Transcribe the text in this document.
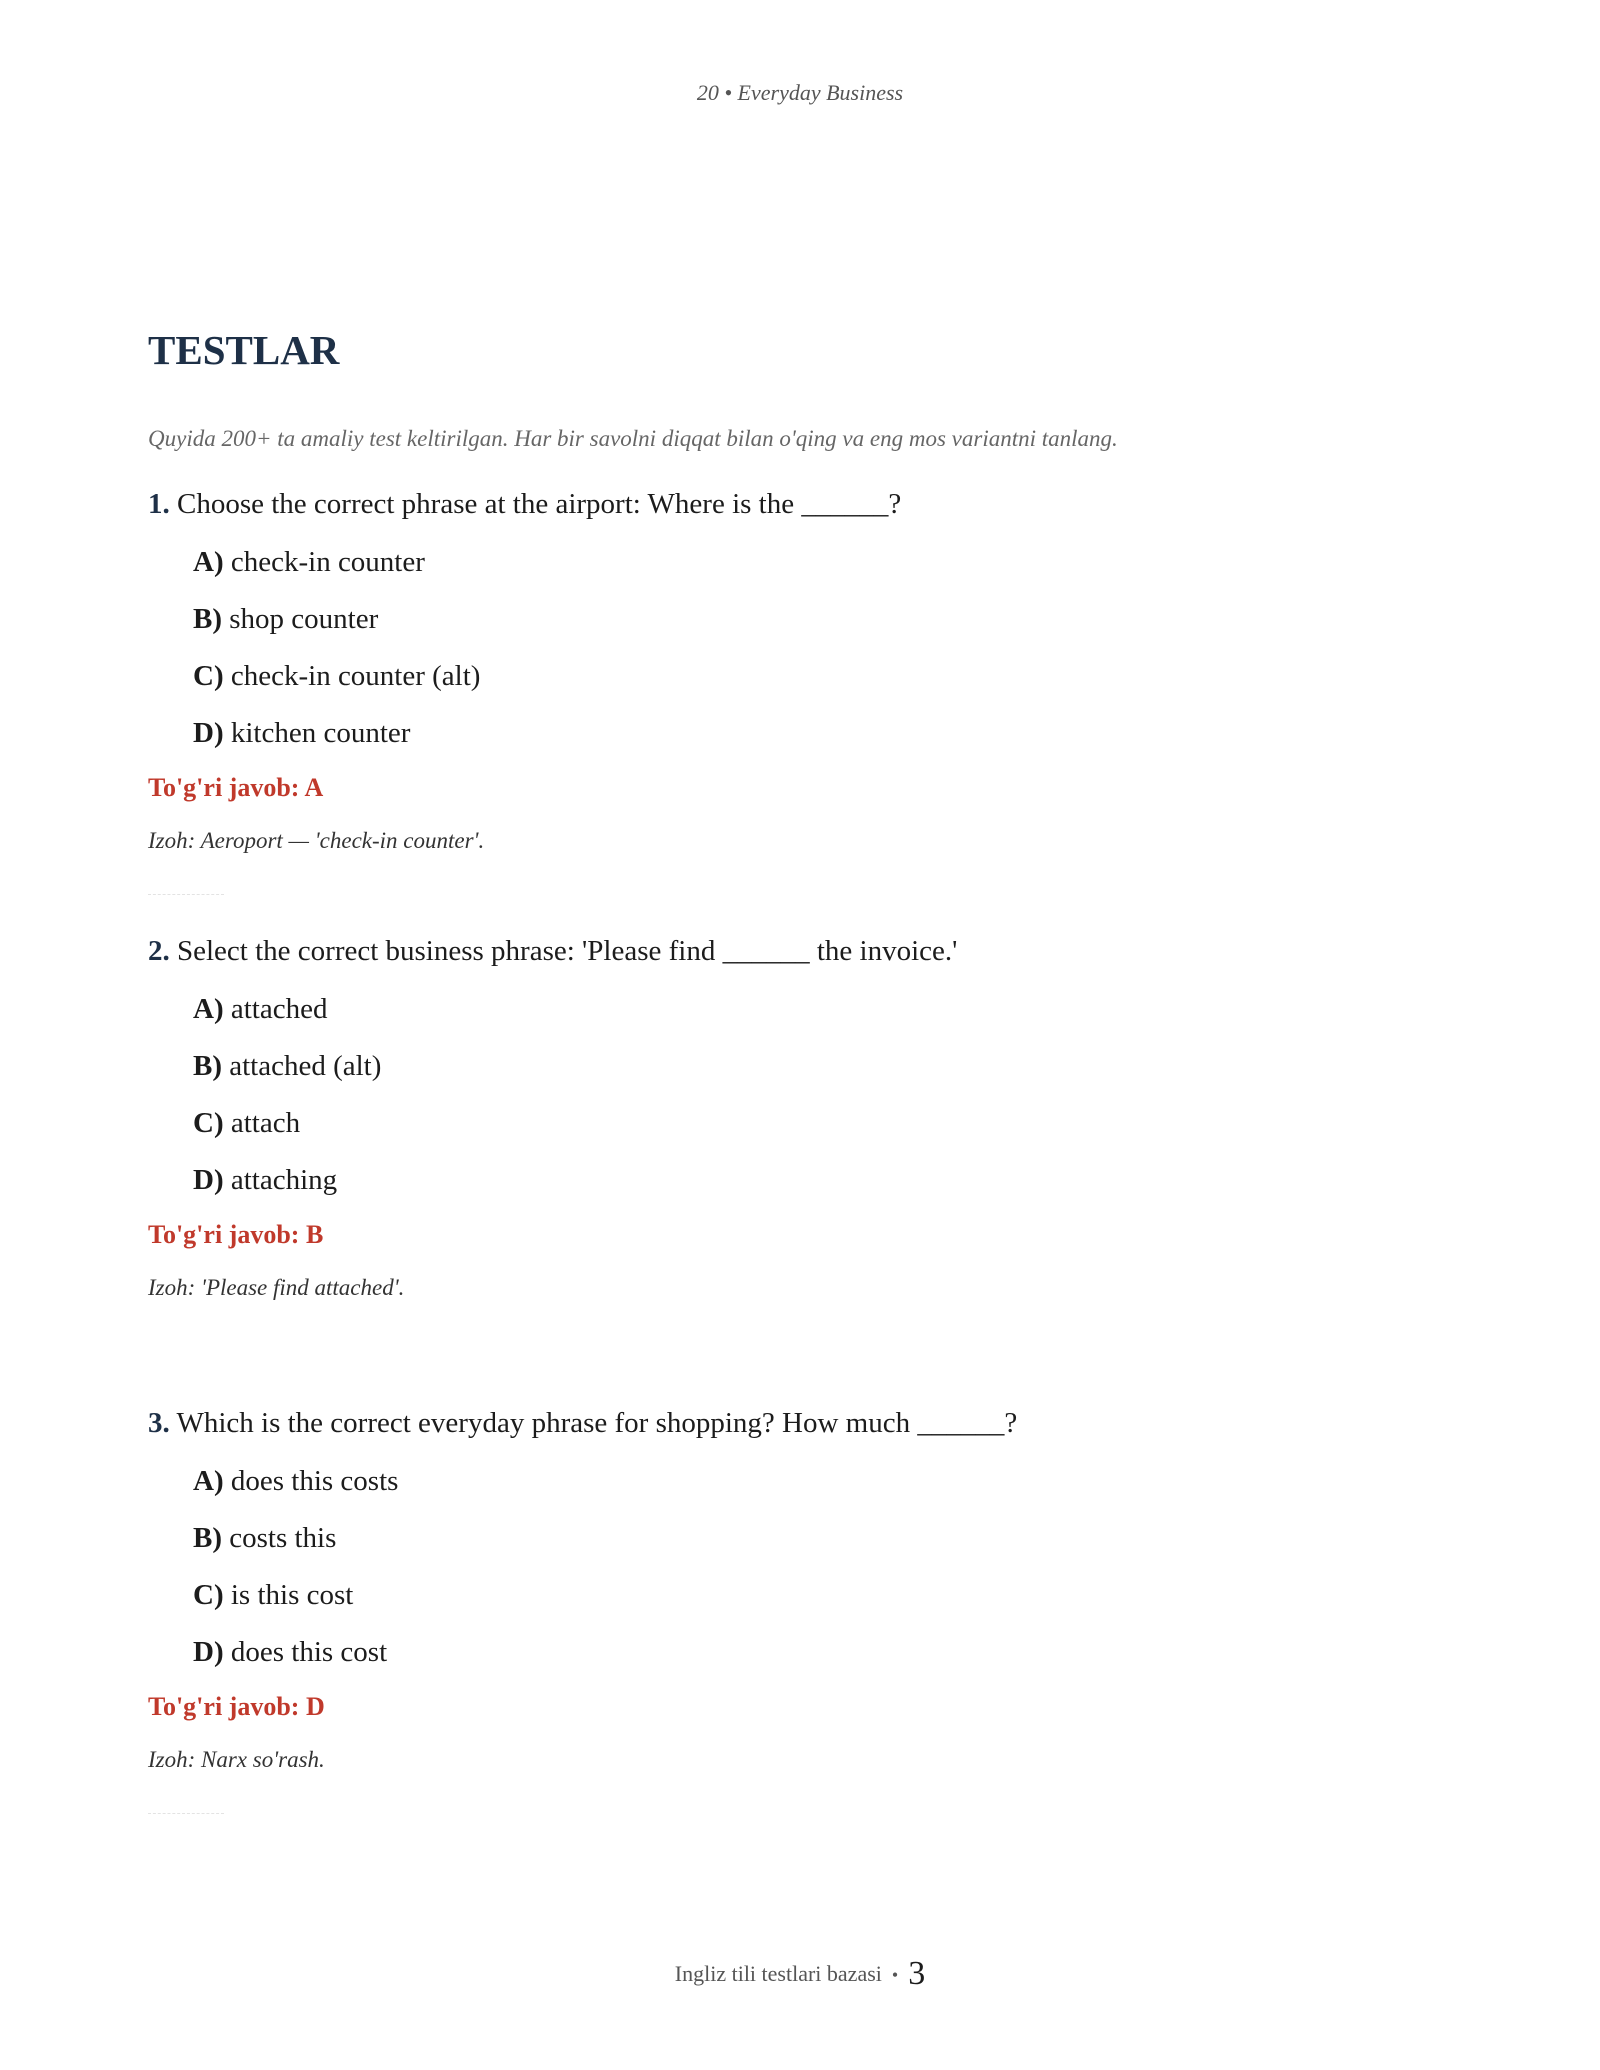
20 • Everyday Business
TESTLAR

Quyida 200+ ta amaliy test keltirilgan. Har bir savolni diqqat bilan o'qing va eng mos variantni tanlang.

1. Choose the correct phrase at the airport: Where is the ______?

A) check-in counter
B) shop counter
C) check-in counter (alt)
D) kitchen counter

To'g'ri javob: A

Izoh: Aeroport — 'check-in counter'.

2. Select the correct business phrase: 'Please find ______ the invoice.'

A) attached
B) attached (alt)
C) attach
D) attaching

To'g'ri javob: B

Izoh: 'Please find attached'.

3. Which is the correct everyday phrase for shopping? How much ______?

A) does this costs
B) costs this
C) is this cost
D) does this cost

To'g'ri javob: D

Izoh: Narx so'rash.

Ingliz tili testlari bazasi • 3
